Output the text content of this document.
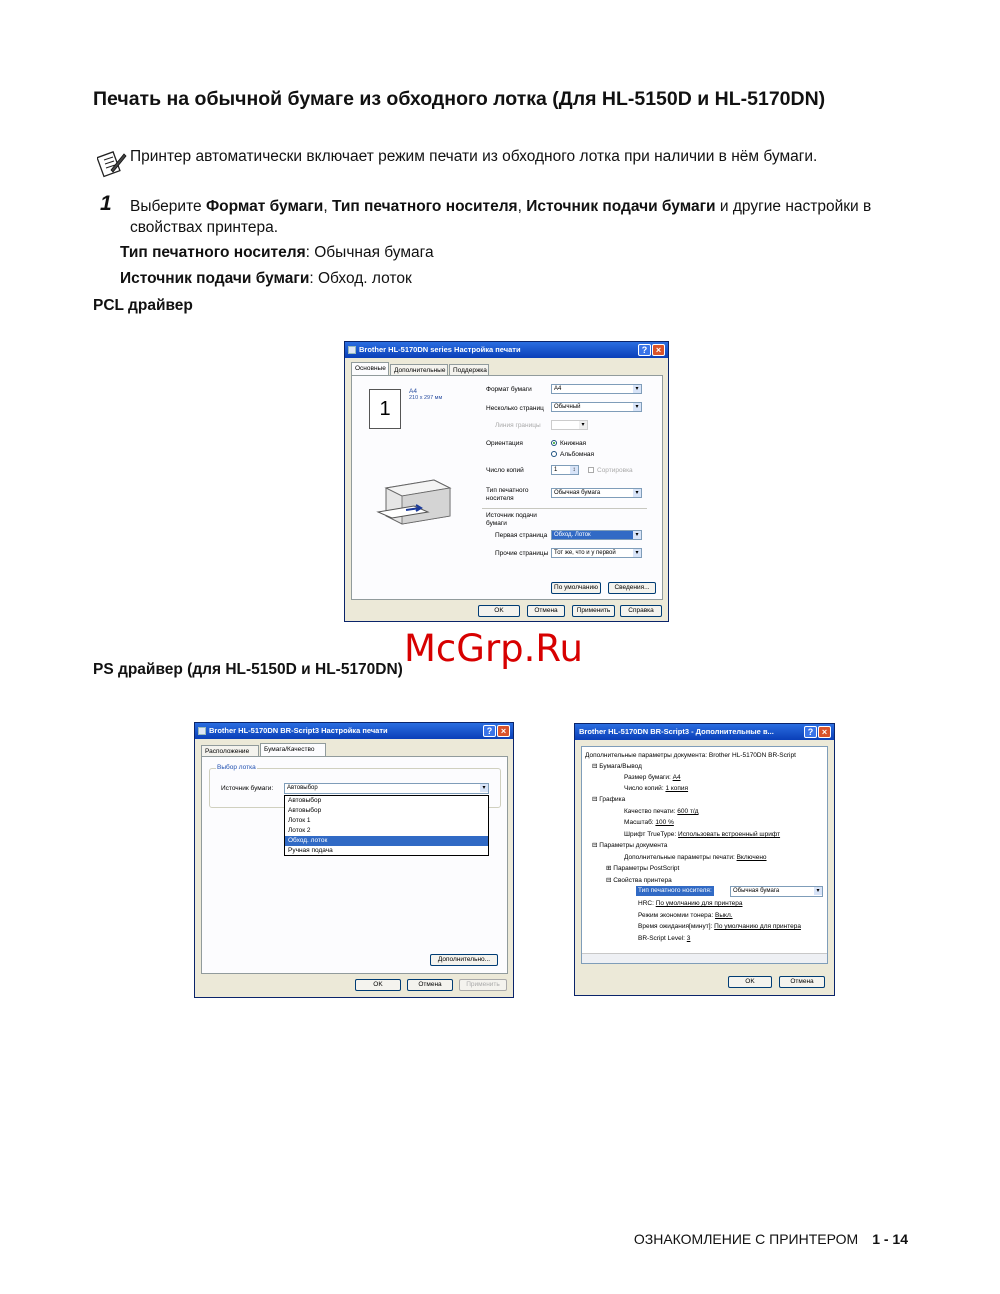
Печать на обычной бумаге из обходного лотка (Для HL-5150D и HL-5170DN)
Принтер автоматически включает режим печати из обходного лотка при наличии в нём бумаги.
1 Выберите Формат бумаги, Тип печатного носителя, Источник подачи бумаги и другие настройки в свойствах принтера.
Тип печатного носителя: Обычная бумага
Источник подачи бумаги: Обход. лоток
PCL драйвер
Brother HL-5170DN series Настройка печати	? ×
Основные	Дополнительные	Поддержка
1
A4
210 x 297 мм
Формат бумаги	A4	▾
Несколько страниц	Обычный	▾
Линия границы	▾
Ориентация	Книжная
Альбомная
Число копий	1	↕	Сортировка
Тип печатного носителя
Обычная бумага	▾
Источник подачи бумаги
Первая страница	Обход. Лоток	▾
Прочие страницы Тот же, что и у первой	▾
По умолчанию	Сведения...
OK	Отмена	Применить	Справка
PS драйвер (для HL-5150D и HL-5170DN)
Brother HL-5170DN BR-Script3 Настройка печати	? ×
Расположение	Бумага/Качество
Выбор лотка
Источник бумаги:	Автовыбор	▾
Автовыбор
Автовыбор
Лоток 1
Лоток 2
Обход. лоток
Ручная подача
Дополнительно...
OK	Отмена	Применить
Brother HL-5170DN BR-Script3 - Дополнительные в...	? ×
Дополнительные параметры документа: Brother HL-5170DN BR-Script
⊟ Бумага/Вывод
Размер бумаги: A4
Число копий: 1 копия
⊟ Графика
Качество печати: 600 т/д
Масштаб: 100 %
Шрифт TrueType: Использовать встроенный шрифт
⊟ Параметры документа
Дополнительные параметры печати: Включено
⊞ Параметры PostScript
⊟ Свойства принтера
Тип печатного носителя:	Обычная бумага	▾
HRC: По умолчанию для принтера
Режим экономии тонера: Выкл.
Время ожидания[минут]: По умолчанию для принтера
BR-Script Level: 3
OK	Отмена
McGrp.Ru
ОЗНАКОМЛЕНИЕ С ПРИНТЕРОМ 1 - 14
